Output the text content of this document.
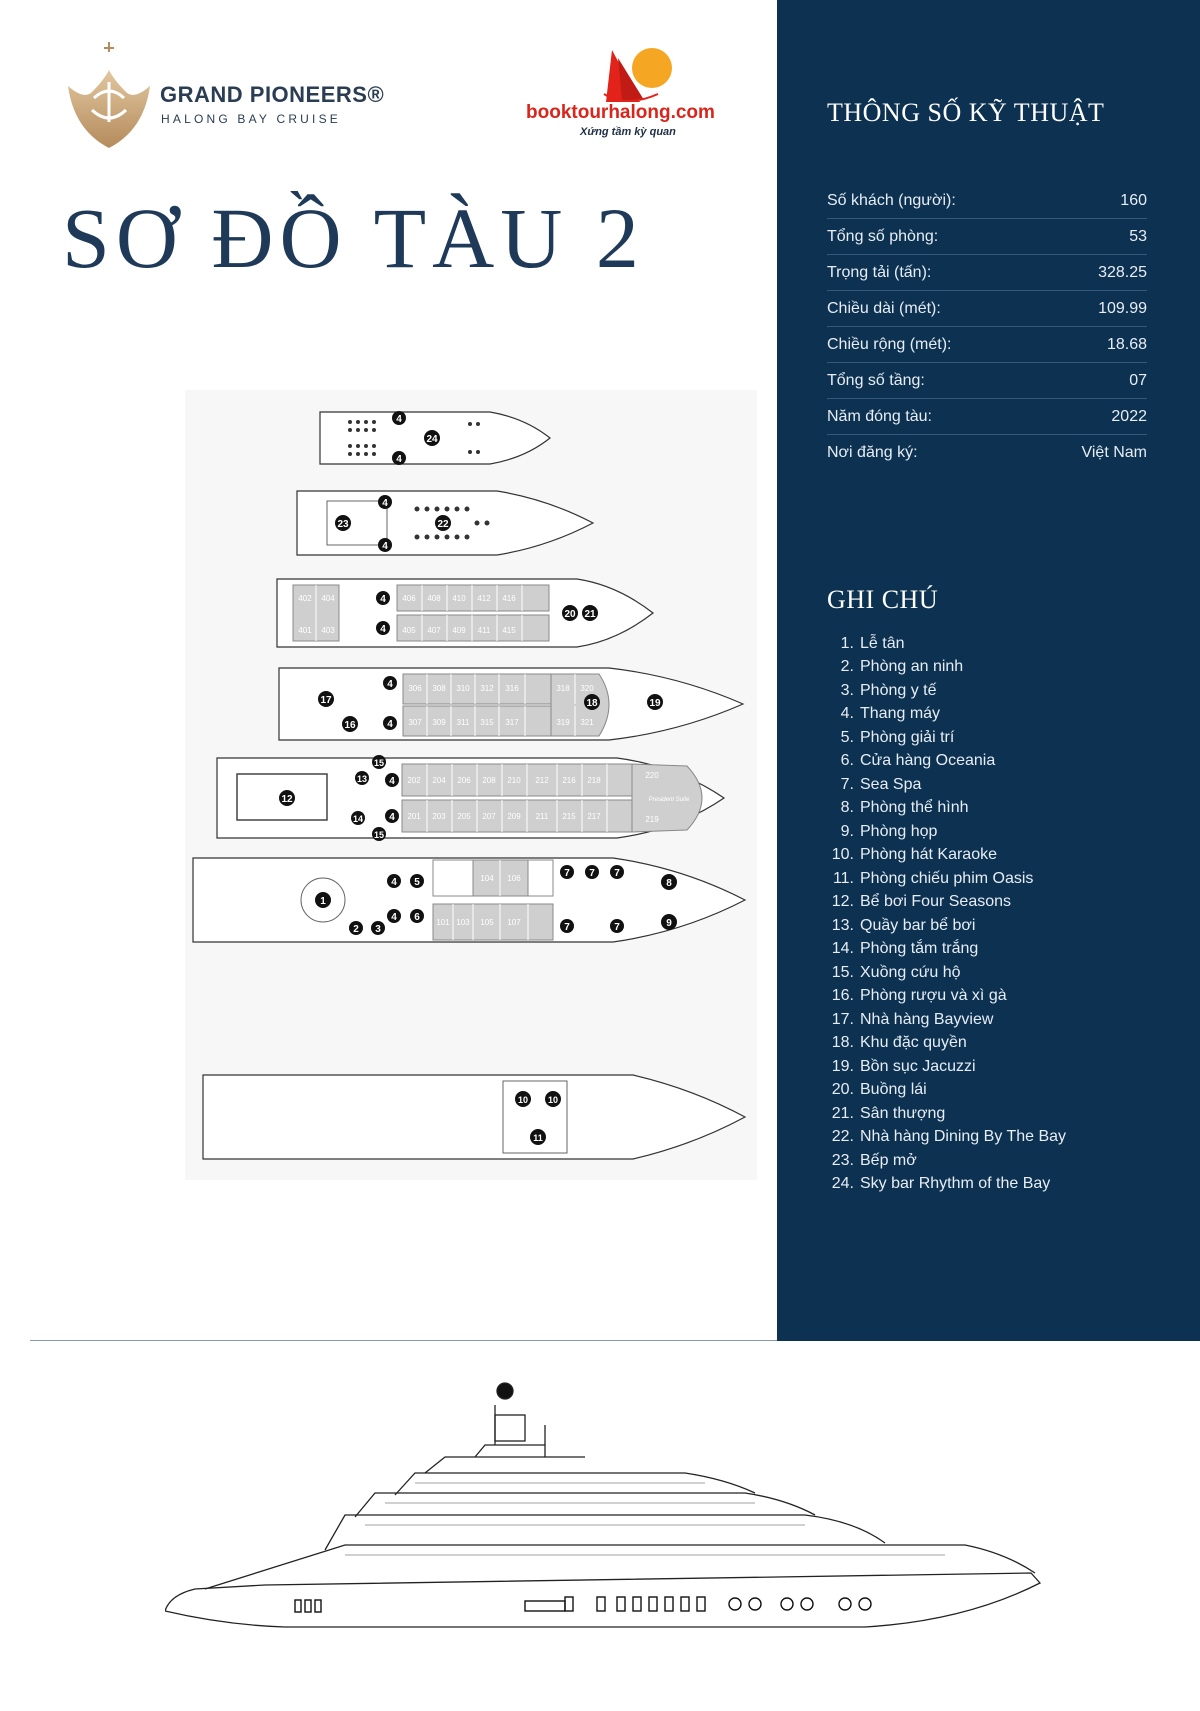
GRAND PIONEERS®
HALONG BAY CRUISE	booktourhalong.com
Xứng tầm kỳ quan
SƠ ĐỒ TÀU 2
4
24
4
4
23	22
4
402 404	406 408 410 412 416
401 403	405 407 409 411 415
4
4
20 21
306 308 310 312 316	318 320
307 309 311 315 317	319 321
17
16
4
4
18	19
202 204 206 208 210 212 216 218
220
201 203 205 207 209 211 215 217	219
President Suite
12
13
14
15
15
4
4
104 106
101 103 105 107
1
2 3
4
4
5
6
7 7 7
7	7
8
9
10 10
11
THÔNG SỐ KỸ THUẬT
Số khách (người):	160
Tổng số phòng:	53
Trọng tải (tấn):	328.25
Chiều dài (mét):	109.99
Chiều rộng (mét):	18.68
Tổng số tầng:	07
Năm đóng tàu:	2022
Nơi đăng ký:	Việt Nam
GHI CHÚ
1. Lễ tân
2. Phòng an ninh
3. Phòng y tế
4. Thang máy
5. Phòng giải trí
6. Cửa hàng Oceania
7. Sea Spa
8. Phòng thể hình
9. Phòng họp
10. Phòng hát Karaoke
11. Phòng chiếu phim Oasis
12. Bể bơi Four Seasons
13. Quầy bar bể bơi
14. Phòng tắm trắng
15. Xuồng cứu hộ
16. Phòng rượu và xì gà
17. Nhà hàng Bayview
18. Khu đặc quyền
19. Bồn sục Jacuzzi
20. Buồng lái
21. Sân thượng
22. Nhà hàng Dining By The Bay
23. Bếp mở
24. Sky bar Rhythm of the Bay
